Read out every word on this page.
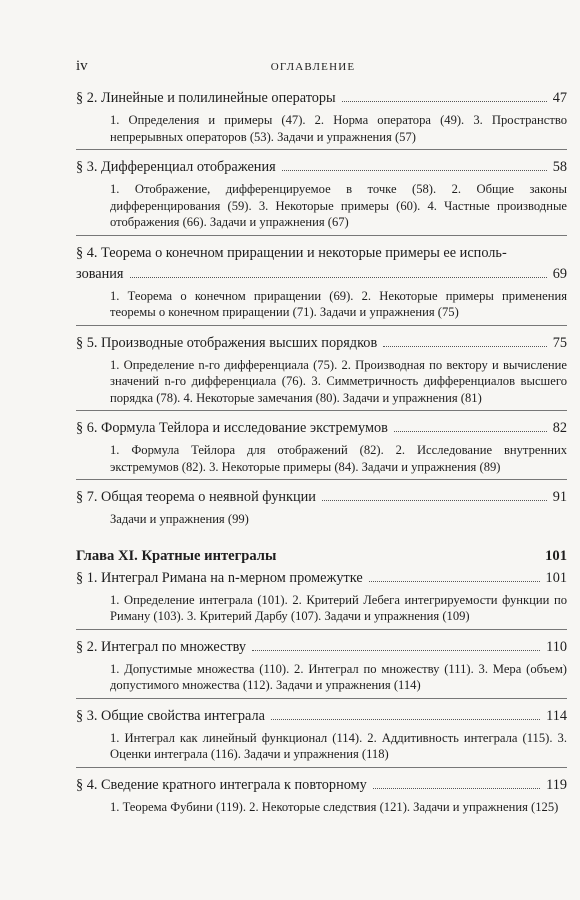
iv	ОГЛАВЛЕНИЕ
§ 2. Линейные и полилинейные операторы	47
1. Определения и примеры (47). 2. Норма оператора (49). 3. Пространство непрерывных операторов (53). Задачи и упражнения (57)
§ 3. Дифференциал отображения	58
1. Отображение, дифференцируемое в точке (58). 2. Общие законы дифференцирования (59). 3. Некоторые примеры (60). 4. Частные производные отображения (66). Задачи и упражнения (67)
§ 4. Теорема о конечном приращении и некоторые примеры ее исполь-
зования	69
1. Теорема о конечном приращении (69). 2. Некоторые примеры применения теоремы о конечном приращении (71). Задачи и упражнения (75)
§ 5. Производные отображения высших порядков	75
1. Определение n-го дифференциала (75). 2. Производная по вектору и вычисление значений n-го дифференциала (76). 3. Симметричность дифференциалов высшего порядка (78). 4. Некоторые замечания (80). Задачи и упражнения (81)
§ 6. Формула Тейлора и исследование экстремумов	82
1. Формула Тейлора для отображений (82). 2. Исследование внутренних экстремумов (82). 3. Некоторые примеры (84). Задачи и упражнения (89)
§ 7. Общая теорема о неявной функции	91
Задачи и упражнения (99)
Глава XI. Кратные интегралы	101
§ 1. Интеграл Римана на n-мерном промежутке	101
1. Определение интеграла (101). 2. Критерий Лебега интегрируемости функции по Риману (103). 3. Критерий Дарбу (107). Задачи и упражнения (109)
§ 2. Интеграл по множеству	110
1. Допустимые множества (110). 2. Интеграл по множеству (111). 3. Мера (объем) допустимого множества (112). Задачи и упражнения (114)
§ 3. Общие свойства интеграла	114
1. Интеграл как линейный функционал (114). 2. Аддитивность интеграла (115). 3. Оценки интеграла (116). Задачи и упражнения (118)
§ 4. Сведение кратного интеграла к повторному	119
1. Теорема Фубини (119). 2. Некоторые следствия (121). Задачи и упражнения (125)
